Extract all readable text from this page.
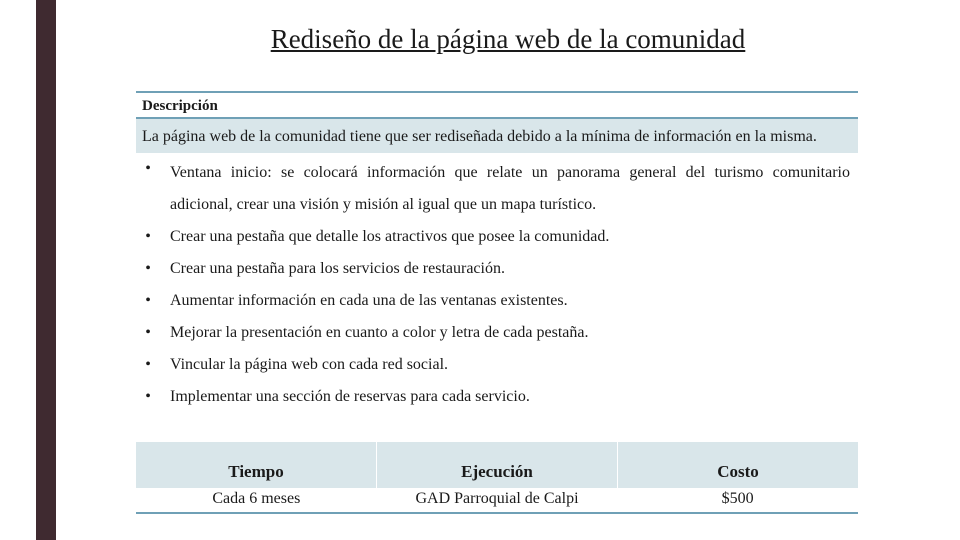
Rediseño de la página web de la comunidad
Descripción
La página web de la comunidad tiene que ser rediseñada debido a la mínima de información en la misma.
• Ventana inicio: se colocará información que relate un panorama general del turismo comunitario adicional, crear una visión y misión al igual que un mapa turístico.
• Crear una pestaña que detalle los atractivos que posee la comunidad.
• Crear una pestaña para los servicios de restauración.
• Aumentar información en cada una de las ventanas existentes.
• Mejorar la presentación en cuanto a color y letra de cada pestaña.
• Vincular la página web con cada red social.
• Implementar una sección de reservas para cada servicio.
Tiempo	Ejecución	Costo
Cada 6 meses	GAD Parroquial de Calpi	$500
